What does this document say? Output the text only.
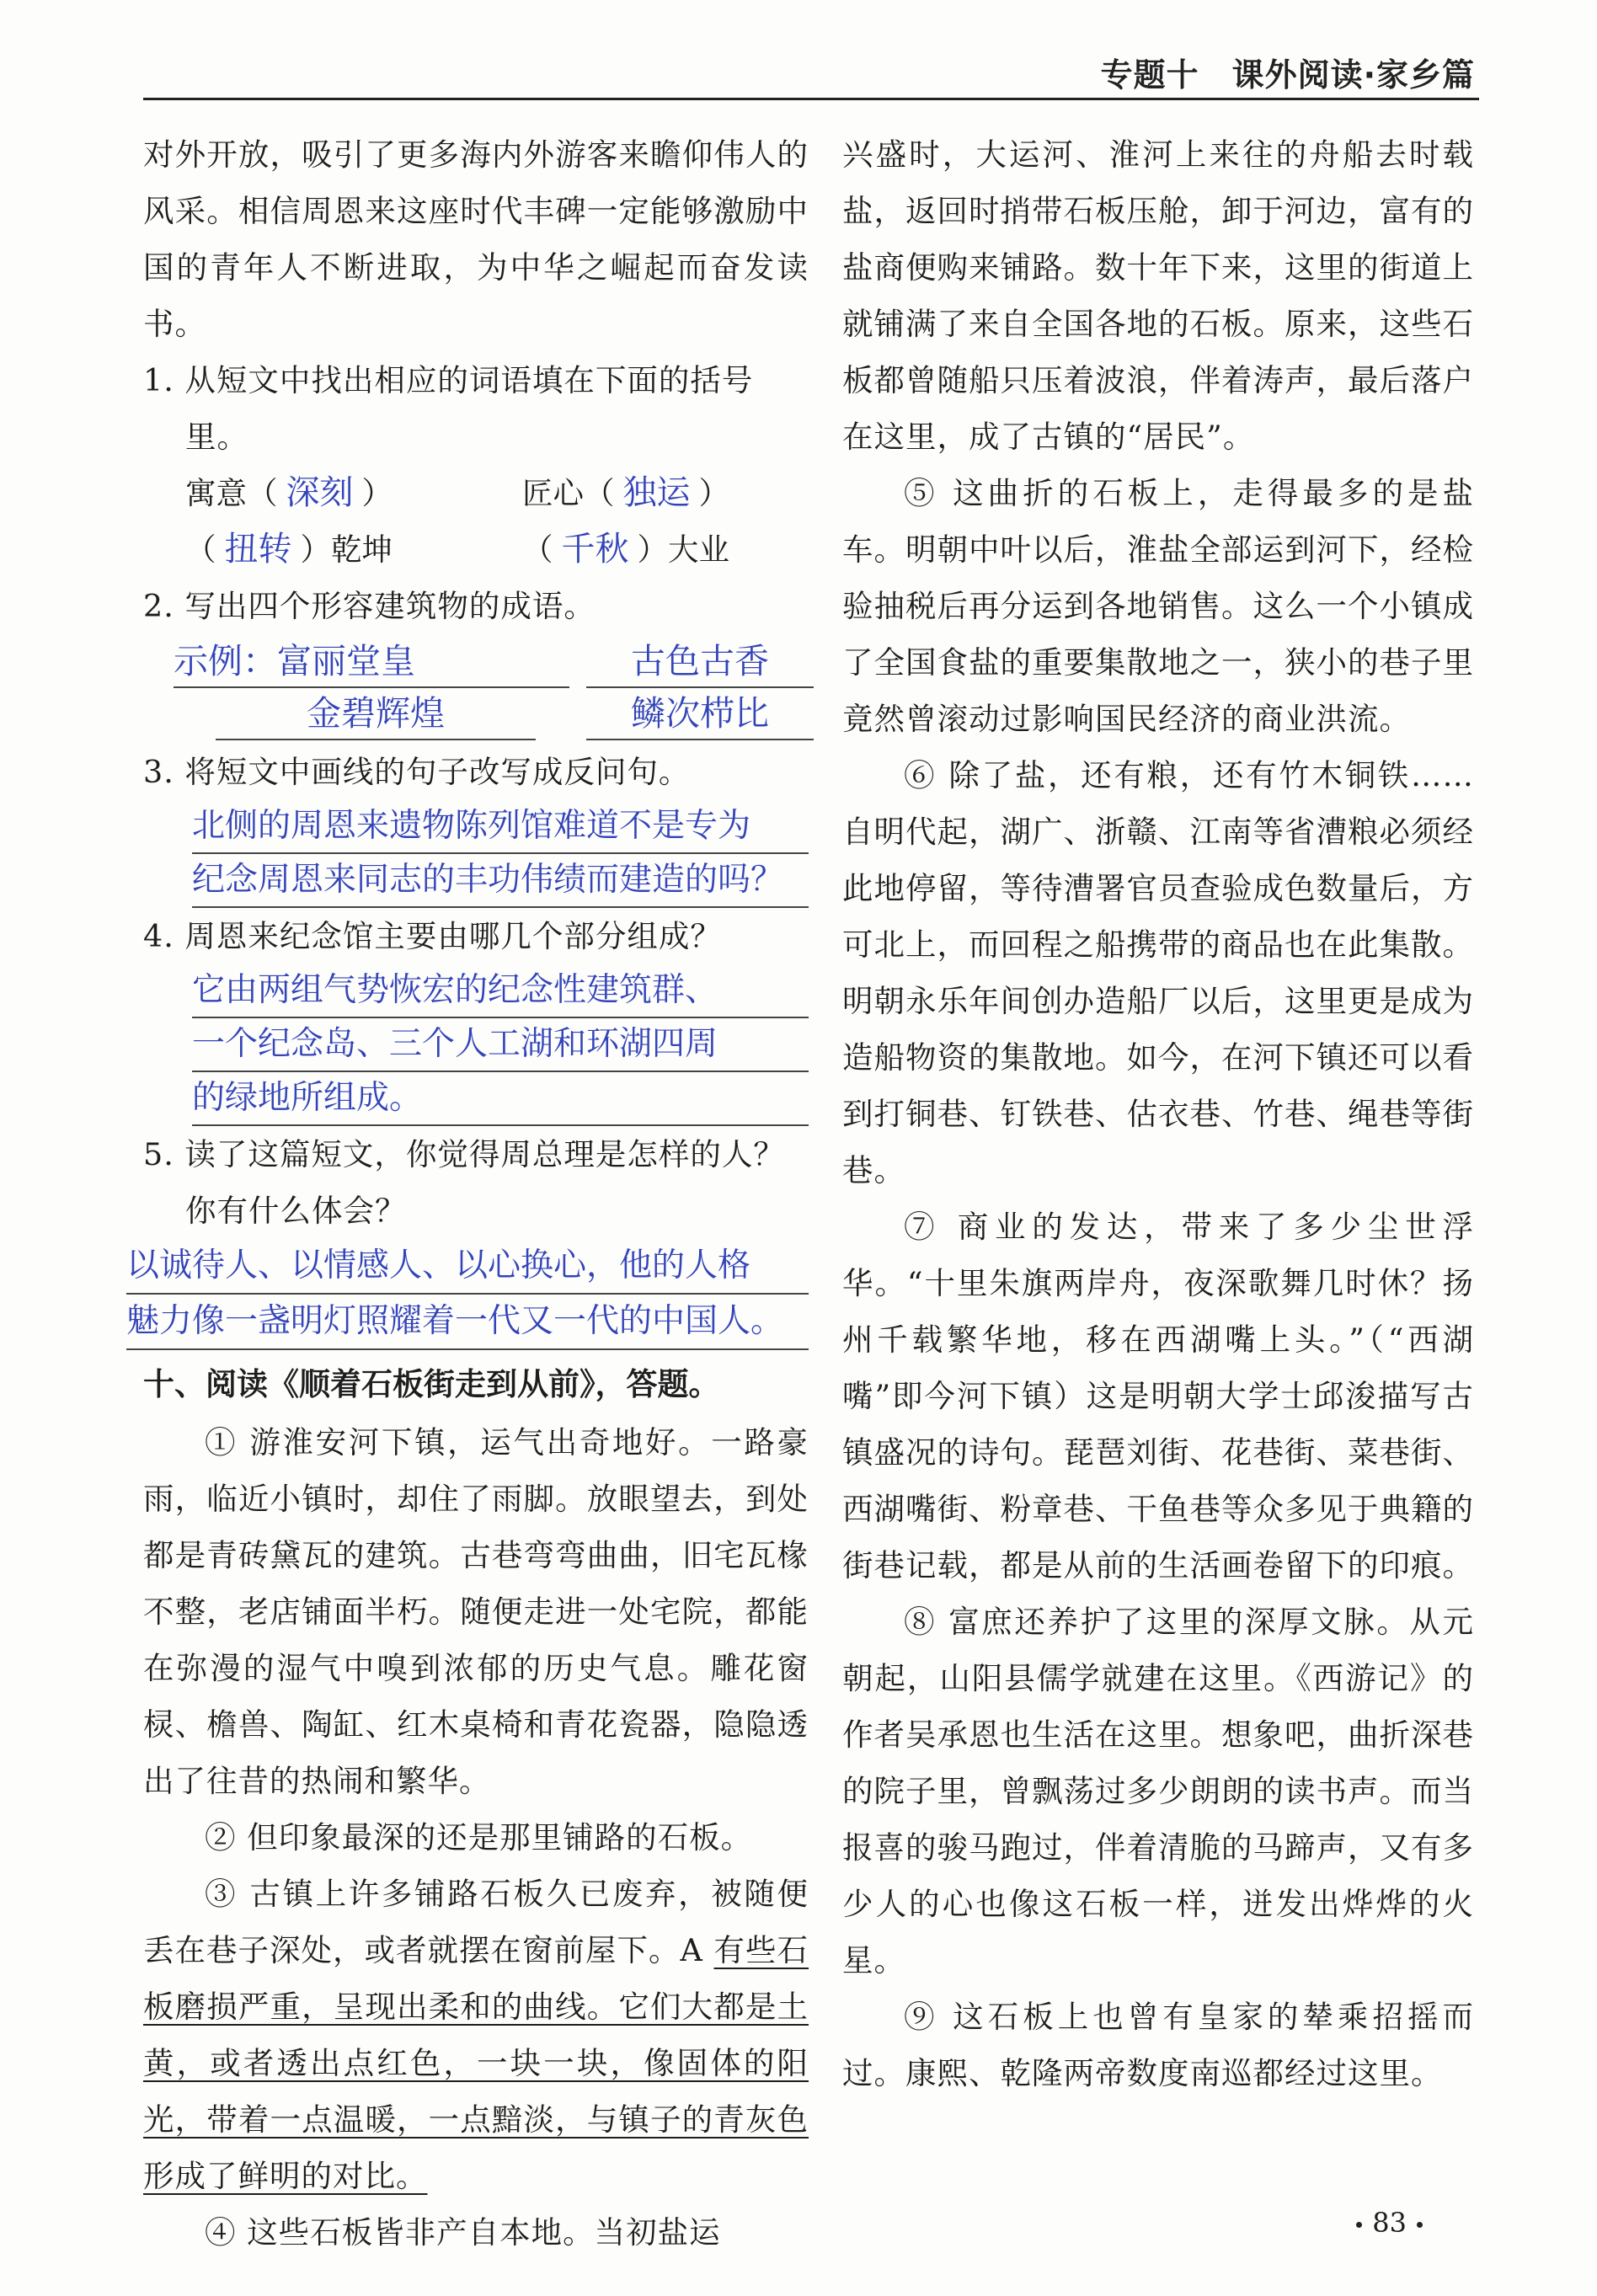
专题十　课外阅读·家乡篇

对外开放，吸引了更多海内外游客来瞻仰伟人的风采。相信周恩来这座时代丰碑一定能够激励中国的青年人不断进取，为中华之崛起而奋发读书。

1. 从短文中找出相应的词语填在下面的括号里。

寓意（ 深刻 ）	匠心（ 独运 ）
（ 扭转 ）乾坤	（ 千秋 ）大业

2. 写出四个形容建筑物的成语。

示例：富丽堂皇	古色古香
金碧辉煌	鳞次栉比

3. 将短文中画线的句子改写成反问句。

北侧的周恩来遗物陈列馆难道不是专为
纪念周恩来同志的丰功伟绩而建造的吗？

4. 周恩来纪念馆主要由哪几个部分组成？

它由两组气势恢宏的纪念性建筑群、
一个纪念岛、三个人工湖和环湖四周
的绿地所组成。

5. 读了这篇短文，你觉得周总理是怎样的人？你有什么体会？

以诚待人、以情感人、以心换心，他的人格
魅力像一盏明灯照耀着一代又一代的中国人。

十、阅读《顺着石板街走到从前》，答题。

① 游淮安河下镇，运气出奇地好。一路豪雨，临近小镇时，却住了雨脚。放眼望去，到处都是青砖黛瓦的建筑。古巷弯弯曲曲，旧宅瓦椽不整，老店铺面半朽。随便走进一处宅院，都能在弥漫的湿气中嗅到浓郁的历史气息。雕花窗棂、檐兽、陶缸、红木桌椅和青花瓷器，隐隐透出了往昔的热闹和繁华。

② 但印象最深的还是那里铺路的石板。

③ 古镇上许多铺路石板久已废弃，被随便丢在巷子深处，或者就摆在窗前屋下。A 有些石板磨损严重，呈现出柔和的曲线。它们大都是土黄，或者透出点红色，一块一块，像固体的阳光，带着一点温暖，一点黯淡，与镇子的青灰色形成了鲜明的对比。

④ 这些石板皆非产自本地。当初盐运

兴盛时，大运河、淮河上来往的舟船去时载盐，返回时捎带石板压舱，卸于河边，富有的盐商便购来铺路。数十年下来，这里的街道上就铺满了来自全国各地的石板。原来，这些石板都曾随船只压着波浪，伴着涛声，最后落户在这里，成了古镇的“居民”。

⑤ 这曲折的石板上，走得最多的是盐车。明朝中叶以后，淮盐全部运到河下，经检验抽税后再分运到各地销售。这么一个小镇成了全国食盐的重要集散地之一，狭小的巷子里竟然曾滚动过影响国民经济的商业洪流。

⑥ 除了盐，还有粮，还有竹木铜铁……自明代起，湖广、浙赣、江南等省漕粮必须经此地停留，等待漕署官员查验成色数量后，方可北上，而回程之船携带的商品也在此集散。明朝永乐年间创办造船厂以后，这里更是成为造船物资的集散地。如今，在河下镇还可以看到打铜巷、钉铁巷、估衣巷、竹巷、绳巷等街巷。

⑦ 商业的发达，带来了多少尘世浮华。“十里朱旗两岸舟，夜深歌舞几时休？扬州千载繁华地，移在西湖嘴上头。”（“西湖嘴”即今河下镇）这是明朝大学士邱浚描写古镇盛况的诗句。琵琶刘街、花巷街、菜巷街、西湖嘴街、粉章巷、干鱼巷等众多见于典籍的街巷记载，都是从前的生活画卷留下的印痕。

⑧ 富庶还养护了这里的深厚文脉。从元朝起，山阳县儒学就建在这里。《西游记》的作者吴承恩也生活在这里。想象吧，曲折深巷的院子里，曾飘荡过多少朗朗的读书声。而当报喜的骏马跑过，伴着清脆的马蹄声，又有多少人的心也像这石板一样，迸发出烨烨的火星。

⑨ 这石板上也曾有皇家的辇乘招摇而过。康熙、乾隆两帝数度南巡都经过这里。

83
